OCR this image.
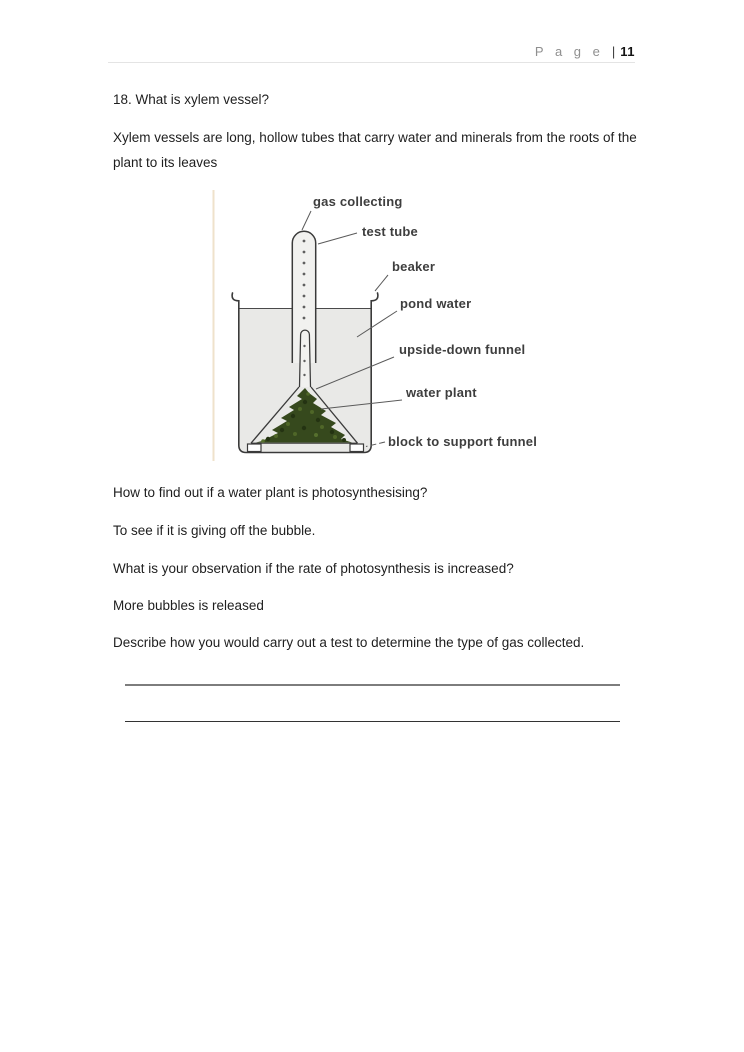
P a g e | 11
18. What is xylem vessel?
Xylem vessels are long, hollow tubes that carry water and minerals from the roots of the
plant to its leaves
gas collecting
test tube
beaker
pond water
upside-down funnel
water plant
block to support funnel
How to find out if a water plant is photosynthesising?
To see if it is giving off the bubble.
What is your observation if the rate of photosynthesis is increased?
More bubbles is released
Describe how you would carry out a test to determine the type of gas collected.
